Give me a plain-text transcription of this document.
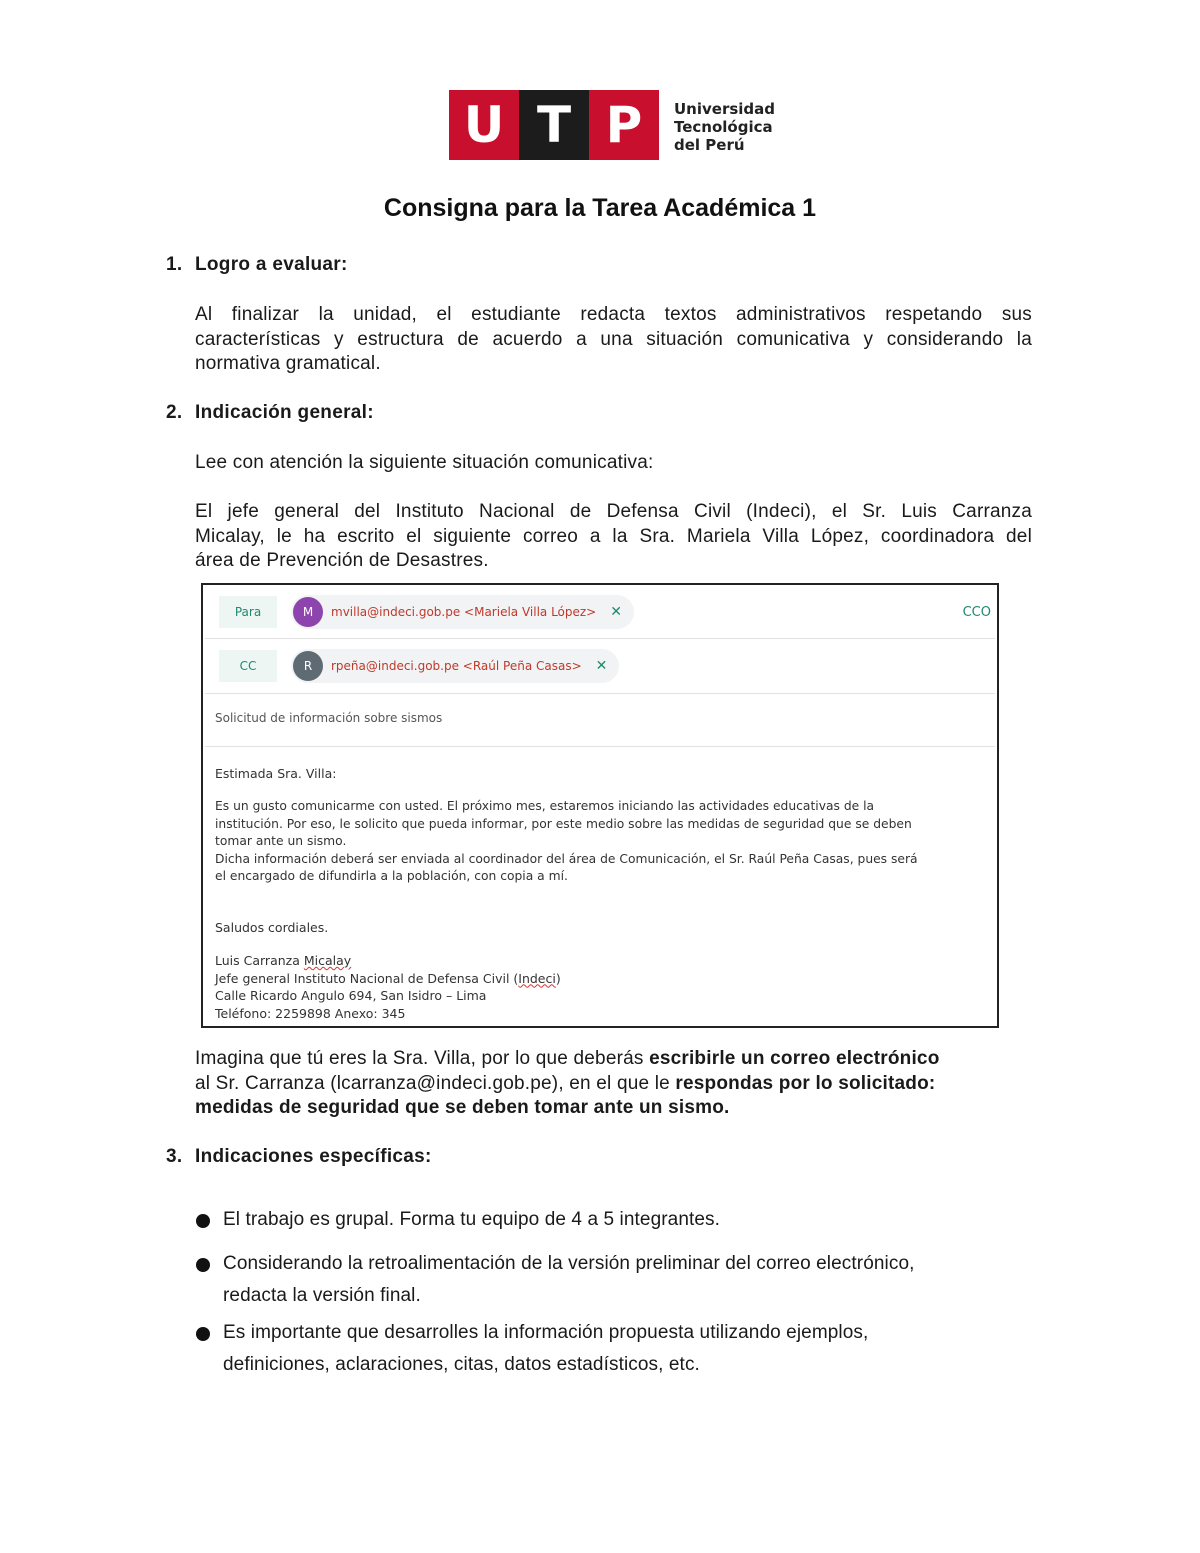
U T P	Universidad
Tecnológica
del Perú
Consigna para la Tarea Académica 1
1. Logro a evaluar:
Al finalizar la unidad, el estudiante redacta textos administrativos respetando sus
características y estructura de acuerdo a una situación comunicativa y considerando la
normativa gramatical.
2. Indicación general:
Lee con atención la siguiente situación comunicativa:
El jefe general del Instituto Nacional de Defensa Civil (Indeci), el Sr. Luis Carranza
Micalay, le ha escrito el siguiente correo a la Sra. Mariela Villa López, coordinadora del
área de Prevención de Desastres.
Para	M	mvilla@indeci.gob.pe <Mariela Villa López> ✕	CCO
CC	R	rpeña@indeci.gob.pe <Raúl Peña Casas> ✕
Solicitud de información sobre sismos
Estimada Sra. Villa:
Es un gusto comunicarme con usted. El próximo mes, estaremos iniciando las actividades educativas de la
institución. Por eso, le solicito que pueda informar, por este medio sobre las medidas de seguridad que se deben
tomar ante un sismo.
Dicha información deberá ser enviada al coordinador del área de Comunicación, el Sr. Raúl Peña Casas, pues será
el encargado de difundirla a la población, con copia a mí.
Saludos cordiales.
Luis Carranza Micalay
Jefe general Instituto Nacional de Defensa Civil (Indeci)
Calle Ricardo Angulo 694, San Isidro – Lima
Teléfono: 2259898 Anexo: 345
Imagina que tú eres la Sra. Villa, por lo que deberás escribirle un correo electrónico
al Sr. Carranza (lcarranza@indeci.gob.pe), en el que le respondas por lo solicitado:
medidas de seguridad que se deben tomar ante un sismo.
3. Indicaciones específicas:
El trabajo es grupal. Forma tu equipo de 4 a 5 integrantes.
Considerando la retroalimentación de la versión preliminar del correo electrónico,
redacta la versión final.
Es importante que desarrolles la información propuesta utilizando ejemplos,
definiciones, aclaraciones, citas, datos estadísticos, etc.
